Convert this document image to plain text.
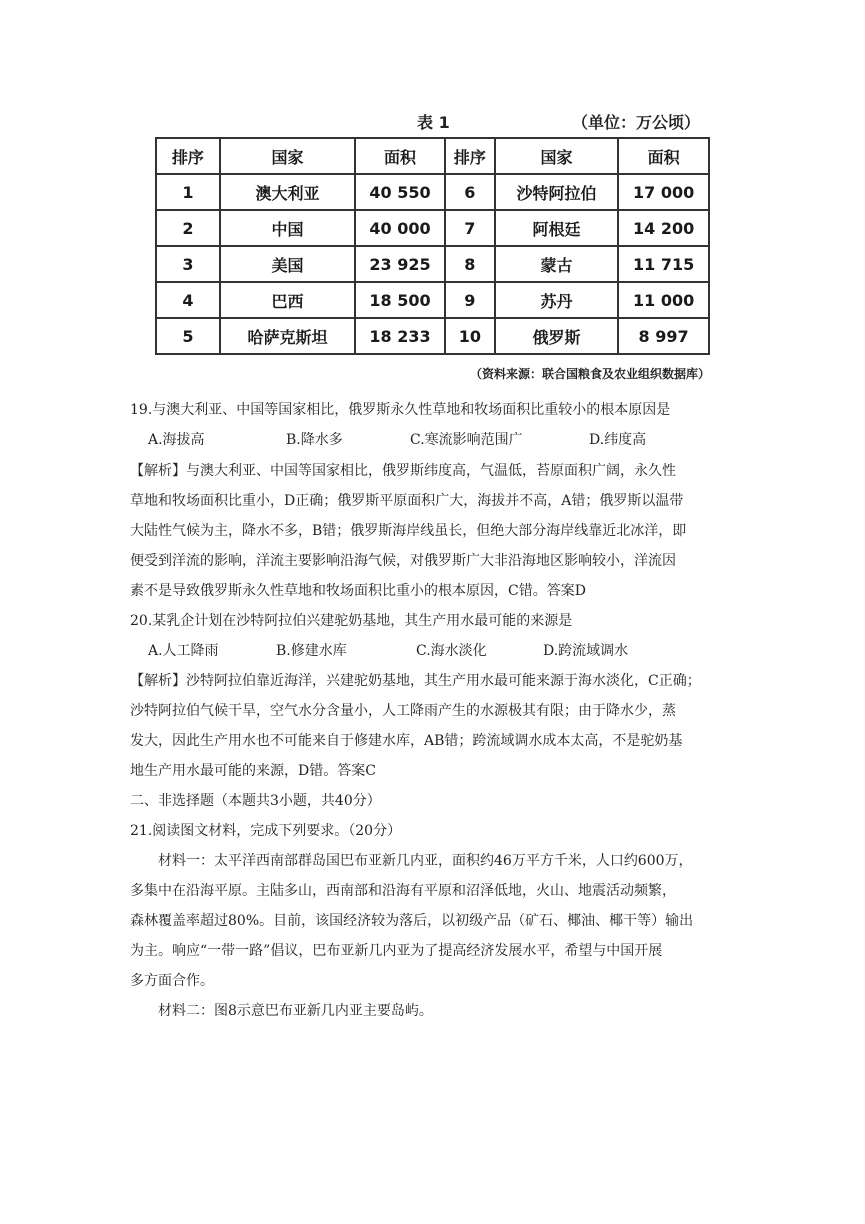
表 1	（单位：万公顷）
排序	国家	面积	排序	国家	面积
1	澳大利亚	40 550	6	沙特阿拉伯	17 000
2	中国	40 000	7	阿根廷	14 200
3	美国	23 925	8	蒙古	11 715
4	巴西	18 500	9	苏丹	11 000
5	哈萨克斯坦	18 233	10	俄罗斯	8 997
（资料来源：联合国粮食及农业组织数据库）
19.与澳大利亚、中国等国家相比，俄罗斯永久性草地和牧场面积比重较小的根本原因是
A.海拔高	B.降水多	C.寒流影响范围广	D.纬度高
【解析】与澳大利亚、中国等国家相比，俄罗斯纬度高，气温低，苔原面积广阔，永久性
草地和牧场面积比重小，D正确；俄罗斯平原面积广大，海拔并不高，A错；俄罗斯以温带
大陆性气候为主，降水不多，B错；俄罗斯海岸线虽长，但绝大部分海岸线靠近北冰洋，即
便受到洋流的影响，洋流主要影响沿海气候，对俄罗斯广大非沿海地区影响较小，洋流因
素不是导致俄罗斯永久性草地和牧场面积比重小的根本原因，C错。答案D
20.某乳企计划在沙特阿拉伯兴建驼奶基地，其生产用水最可能的来源是
A.人工降雨	B.修建水库	C.海水淡化	D.跨流域调水
【解析】沙特阿拉伯靠近海洋，兴建驼奶基地，其生产用水最可能来源于海水淡化，C正确；
沙特阿拉伯气候干旱，空气水分含量小，人工降雨产生的水源极其有限；由于降水少，蒸
发大，因此生产用水也不可能来自于修建水库，AB错；跨流域调水成本太高，不是驼奶基
地生产用水最可能的来源，D错。答案C
二、非选择题（本题共3小题，共40分）
21.阅读图文材料，完成下列要求。（20分）
材料一：太平洋西南部群岛国巴布亚新几内亚，面积约46万平方千米，人口约600万，
多集中在沿海平原。主陆多山，西南部和沿海有平原和沼泽低地，火山、地震活动频繁，
森林覆盖率超过80%。目前，该国经济较为落后，以初级产品（矿石、椰油、椰干等）输出
为主。响应“一带一路”倡议，巴布亚新几内亚为了提高经济发展水平，希望与中国开展
多方面合作。
材料二：图8示意巴布亚新几内亚主要岛屿。
